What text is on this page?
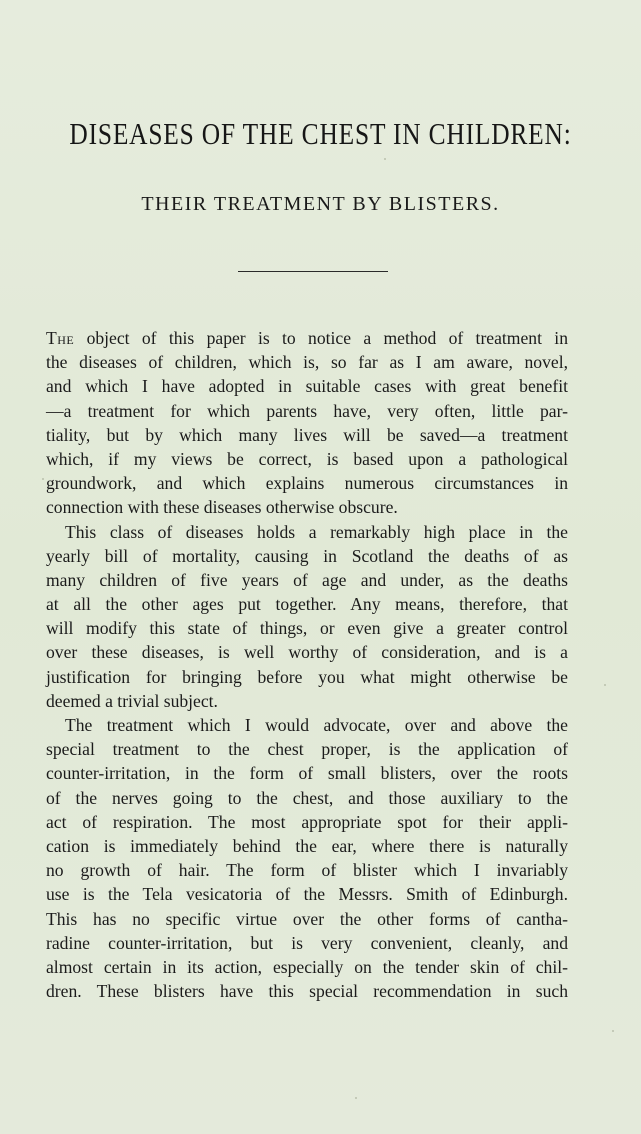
DISEASES OF THE CHEST IN CHILDREN:
THEIR TREATMENT BY BLISTERS.
The object of this paper is to notice a method of treatment in
the diseases of children, which is, so far as I am aware, novel,
and which I have adopted in suitable cases with great benefit
—a treatment for which parents have, very often, little par-
tiality, but by which many lives will be saved—a treatment
which, if my views be correct, is based upon a pathological
groundwork, and which explains numerous circumstances in
connection with these diseases otherwise obscure.
This class of diseases holds a remarkably high place in the
yearly bill of mortality, causing in Scotland the deaths of as
many children of five years of age and under, as the deaths
at all the other ages put together. Any means, therefore, that
will modify this state of things, or even give a greater control
over these diseases, is well worthy of consideration, and is a
justification for bringing before you what might otherwise be
deemed a trivial subject.
The treatment which I would advocate, over and above the
special treatment to the chest proper, is the application of
counter-irritation, in the form of small blisters, over the roots
of the nerves going to the chest, and those auxiliary to the
act of respiration. The most appropriate spot for their appli-
cation is immediately behind the ear, where there is naturally
no growth of hair. The form of blister which I invariably
use is the Tela vesicatoria of the Messrs. Smith of Edinburgh.
This has no specific virtue over the other forms of cantha-
radine counter-irritation, but is very convenient, cleanly, and
almost certain in its action, especially on the tender skin of chil-
dren. These blisters have this special recommendation in such
